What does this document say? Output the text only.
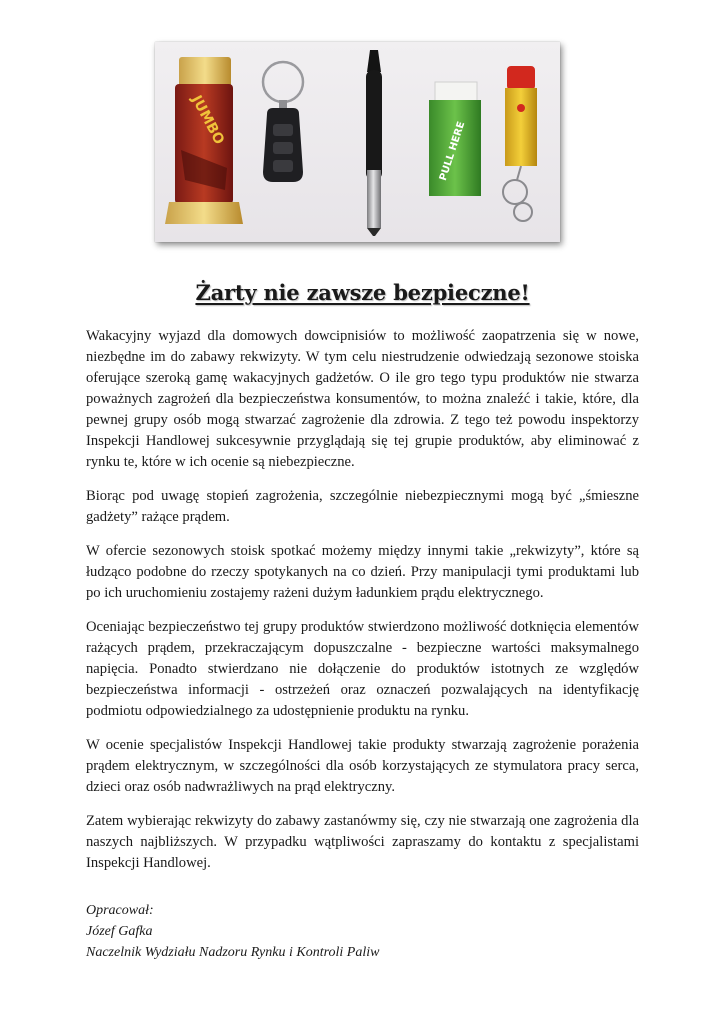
JUMBO
PULL HERE
Żarty nie zawsze bezpieczne!

Wakacyjny wyjazd dla domowych dowcipnisiów to możliwość zaopatrzenia się w nowe, niezbędne im do zabawy rekwizyty. W tym celu niestrudzenie odwiedzają sezonowe stoiska oferujące szeroką gamę wakacyjnych gadżetów. O ile gro tego typu produktów nie stwarza poważnych zagrożeń dla bezpieczeństwa konsumentów, to można znaleźć i takie, które, dla pewnej grupy osób mogą stwarzać zagrożenie dla zdrowia. Z tego też powodu inspektorzy Inspekcji Handlowej sukcesywnie przyglądają się tej grupie produktów, aby eliminować z rynku te, które w ich ocenie są niebezpieczne.

Biorąc pod uwagę stopień zagrożenia, szczególnie niebezpiecznymi mogą być „śmieszne gadżety” rażące prądem.

W ofercie sezonowych stoisk spotkać możemy między innymi takie „rekwizyty”, które są łudząco podobne do rzeczy spotykanych na co dzień. Przy manipulacji tymi produktami lub po ich uruchomieniu zostajemy rażeni dużym ładunkiem prądu elektrycznego.

Oceniając bezpieczeństwo tej grupy produktów stwierdzono możliwość dotknięcia elementów rażących prądem, przekraczającym dopuszczalne - bezpieczne wartości maksymalnego napięcia. Ponadto stwierdzano nie dołączenie do produktów istotnych ze względów bezpieczeństwa informacji - ostrzeżeń oraz oznaczeń pozwalających na identyfikację podmiotu odpowiedzialnego za udostępnienie produktu na rynku.

W ocenie specjalistów Inspekcji Handlowej takie produkty stwarzają zagrożenie porażenia prądem elektrycznym, w szczególności dla osób korzystających ze stymulatora pracy serca, dzieci oraz osób nadwrażliwych na prąd elektryczny.

Zatem wybierając rekwizyty do zabawy zastanówmy się, czy nie stwarzają one zagrożenia dla naszych najbliższych. W przypadku wątpliwości zapraszamy do kontaktu z specjalistami Inspekcji Handlowej.

Opracował:
Józef Gafka
Naczelnik Wydziału Nadzoru Rynku i Kontroli Paliw
